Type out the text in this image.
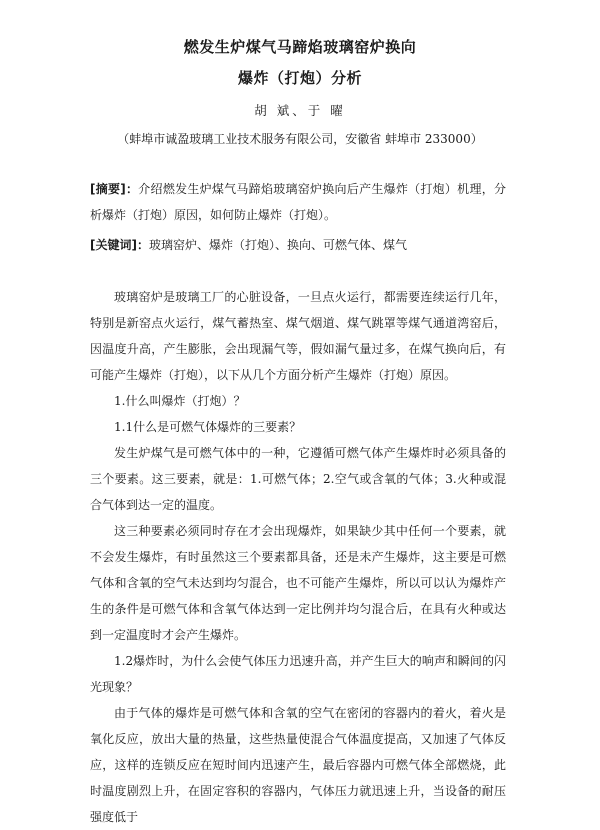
燃发生炉煤气马蹄焰玻璃窑炉换向
爆炸（打炮）分析
胡 斌、于 曜
（蚌埠市诚盈玻璃工业技术服务有限公司，安徽省 蚌埠市 233000）
[摘要]：介绍燃发生炉煤气马蹄焰玻璃窑炉换向后产生爆炸（打炮）机理，分析爆炸（打炮）原因，如何防止爆炸（打炮）。
[关键词]：玻璃窑炉、爆炸（打炮）、换向、可燃气体、煤气

玻璃窑炉是玻璃工厂的心脏设备，一旦点火运行，都需要连续运行几年，特别是新窑点火运行，煤气蓄热室、煤气烟道、煤气跳罩等煤气通道湾窑后，因温度升高，产生膨胀，会出现漏气等，假如漏气量过多，在煤气换向后，有可能产生爆炸（打炮），以下从几个方面分析产生爆炸（打炮）原因。

1.什么叫爆炸（打炮）？

1.1什么是可燃气体爆炸的三要素？

发生炉煤气是可燃气体中的一种，它遵循可燃气体产生爆炸时必须具备的三个要素。这三要素，就是：1.可燃气体；2.空气或含氧的气体；3.火种或混合气体到达一定的温度。

这三种要素必须同时存在才会出现爆炸，如果缺少其中任何一个要素，就不会发生爆炸，有时虽然这三个要素都具备，还是未产生爆炸，这主要是可燃气体和含氧的空气未达到均匀混合，也不可能产生爆炸，所以可以认为爆炸产生的条件是可燃气体和含氧气体达到一定比例并均匀混合后，在具有火种或达到一定温度时才会产生爆炸。

1.2爆炸时，为什么会使气体压力迅速升高，并产生巨大的响声和瞬间的闪光现象？

由于气体的爆炸是可燃气体和含氧的空气在密闭的容器内的着火，着火是氧化反应，放出大量的热量，这些热量使混合气体温度提高，又加速了气体反应，这样的连锁反应在短时间内迅速产生，最后容器内可燃气体全部燃烧，此时温度剧烈上升，在固定容积的容器内，气体压力就迅速上升，当设备的耐压强度低于
